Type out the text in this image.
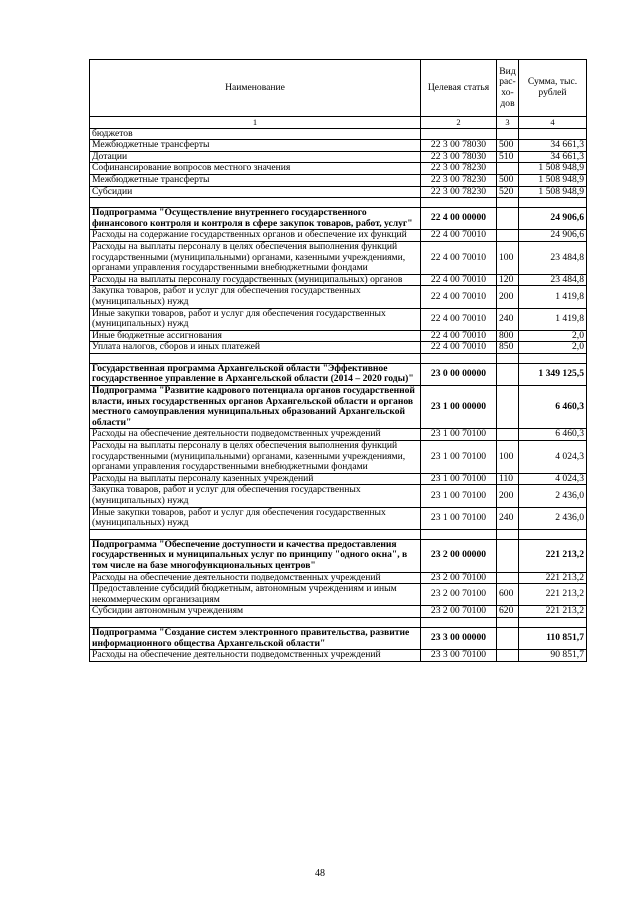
Наименование	Целевая статья	Вид рас- хо- дов	Сумма, тыс. рублей
1	2	3	4
бюджетов			
Межбюджетные трансферты	22 3 00 78030	500	34 661,3
Дотации	22 3 00 78030	510	34 661,3
Софинансирование вопросов местного значения	22 3 00 78230		1 508 948,9
Межбюджетные трансферты	22 3 00 78230	500	1 508 948,9
Субсидии	22 3 00 78230	520	1 508 948,9

Подпрограмма "Осуществление внутреннего государственного финансового контроля и контроля в сфере закупок товаров, работ, услуг"	22 4 00 00000		24 906,6
Расходы на содержание государственных органов и обеспечение их функций	22 4 00 70010		24 906,6
Расходы на выплаты персоналу в целях обеспечения выполнения функций государственными (муниципальными) органами, казенными учреждениями, органами управления государственными внебюджетными фондами	22 4 00 70010	100	23 484,8
Расходы на выплаты персоналу государственных (муниципальных) органов	22 4 00 70010	120	23 484,8
Закупка товаров, работ и услуг для обеспечения государственных (муниципальных) нужд	22 4 00 70010	200	1 419,8
Иные закупки товаров, работ и услуг для обеспечения государственных (муниципальных) нужд	22 4 00 70010	240	1 419,8
Иные бюджетные ассигнования	22 4 00 70010	800	2,0
Уплата налогов, сборов и иных платежей	22 4 00 70010	850	2,0

Государственная программа Архангельской области "Эффективное государственное управление в Архангельской области (2014 – 2020 годы)"	23 0 00 00000		1 349 125,5
Подпрограмма "Развитие кадрового потенциала органов государственной власти, иных государственных органов Архангельской области и органов местного самоуправления муниципальных образований Архангельской области"	23 1 00 00000		6 460,3
Расходы на обеспечение деятельности подведомственных учреждений	23 1 00 70100		6 460,3
Расходы на выплаты персоналу в целях обеспечения выполнения функций государственными (муниципальными) органами, казенными учреждениями, органами управления государственными внебюджетными фондами	23 1 00 70100	100	4 024,3
Расходы на выплаты персоналу казенных учреждений	23 1 00 70100	110	4 024,3
Закупка товаров, работ и услуг для обеспечения государственных (муниципальных) нужд	23 1 00 70100	200	2 436,0
Иные закупки товаров, работ и услуг для обеспечения государственных (муниципальных) нужд	23 1 00 70100	240	2 436,0

Подпрограмма "Обеспечение доступности и качества предоставления государственных и муниципальных услуг по принципу "одного окна", в том числе на базе многофункциональных центров"	23 2 00 00000		221 213,2
Расходы на обеспечение деятельности подведомственных учреждений	23 2 00 70100		221 213,2
Предоставление субсидий бюджетным, автономным учреждениям и иным некоммерческим организациям	23 2 00 70100	600	221 213,2
Субсидии автономным учреждениям	23 2 00 70100	620	221 213,2

Подпрограмма "Создание систем электронного правительства, развитие информационного общества Архангельской области"	23 3 00 00000		110 851,7
Расходы на обеспечение деятельности подведомственных учреждений	23 3 00 70100		90 851,7
48
